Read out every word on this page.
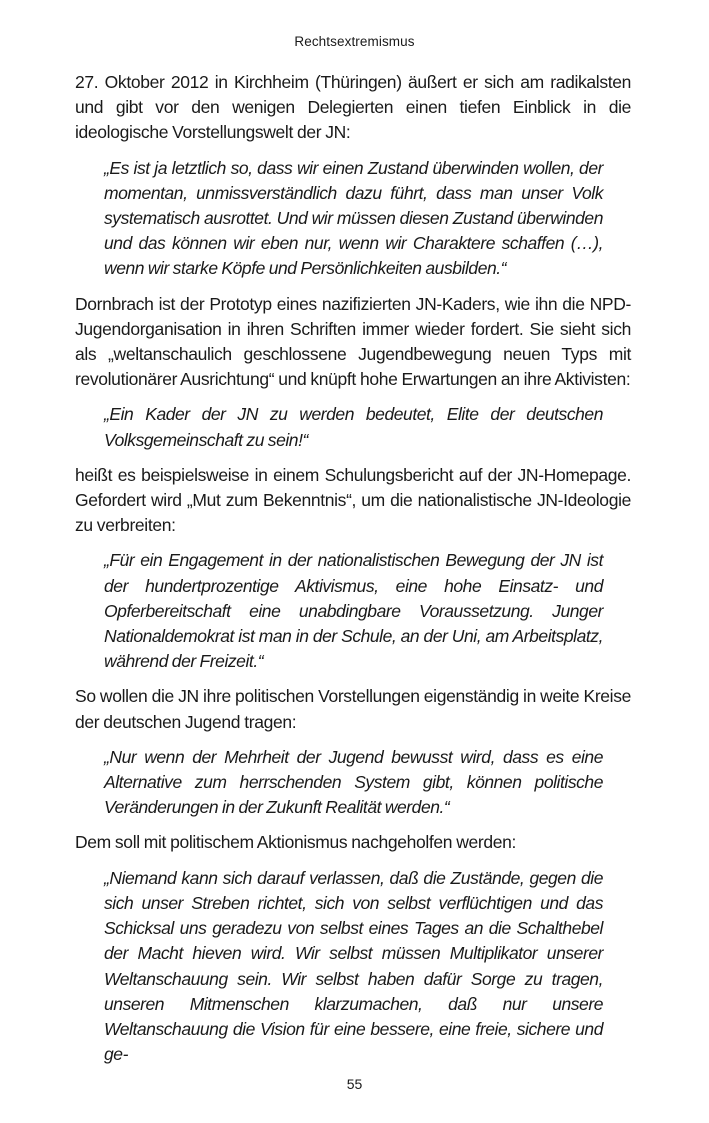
Rechtsextremismus

27. Oktober 2012 in Kirchheim (Thüringen) äußert er sich am radikalsten und gibt vor den wenigen Delegierten einen tiefen Einblick in die ideologische Vorstellungswelt der JN:

„Es ist ja letztlich so, dass wir einen Zustand überwinden wollen, der momentan, unmissverständlich dazu führt, dass man unser Volk systematisch ausrottet. Und wir müssen diesen Zustand überwinden und das können wir eben nur, wenn wir Charaktere schaffen (…), wenn wir starke Köpfe und Persönlichkeiten ausbilden.“

Dornbrach ist der Prototyp eines nazifizierten JN-Kaders, wie ihn die NPD-Jugendorganisation in ihren Schriften immer wieder fordert. Sie sieht sich als „weltanschaulich geschlossene Jugendbewegung neuen Typs mit revolutionärer Ausrichtung“ und knüpft hohe Erwartungen an ihre Aktivisten:

„Ein Kader der JN zu werden bedeutet, Elite der deutschen Volksgemeinschaft zu sein!“

heißt es beispielsweise in einem Schulungsbericht auf der JN-Homepage. Gefordert wird „Mut zum Bekenntnis“, um die nationalistische JN-Ideologie zu verbreiten:

„Für ein Engagement in der nationalistischen Bewegung der JN ist der hundertprozentige Aktivismus, eine hohe Einsatz- und Opferbereitschaft eine unabdingbare Voraussetzung. Junger Nationaldemokrat ist man in der Schule, an der Uni, am Arbeitsplatz, während der Freizeit.“

So wollen die JN ihre politischen Vorstellungen eigenständig in weite Kreise der deutschen Jugend tragen:

„Nur wenn der Mehrheit der Jugend bewusst wird, dass es eine Alternative zum herrschenden System gibt, können politische Veränderungen in der Zukunft Realität werden.“

Dem soll mit politischem Aktionismus nachgeholfen werden:

„Niemand kann sich darauf verlassen, daß die Zustände, gegen die sich unser Streben richtet, sich von selbst verflüchtigen und das Schicksal uns geradezu von selbst eines Tages an die Schalthebel der Macht hieven wird. Wir selbst müssen Multiplikator unserer Weltanschauung sein. Wir selbst haben dafür Sorge zu tragen, unseren Mitmenschen klarzumachen, daß nur unsere Weltanschauung die Vision für eine bessere, eine freie, sichere und ge-

55
